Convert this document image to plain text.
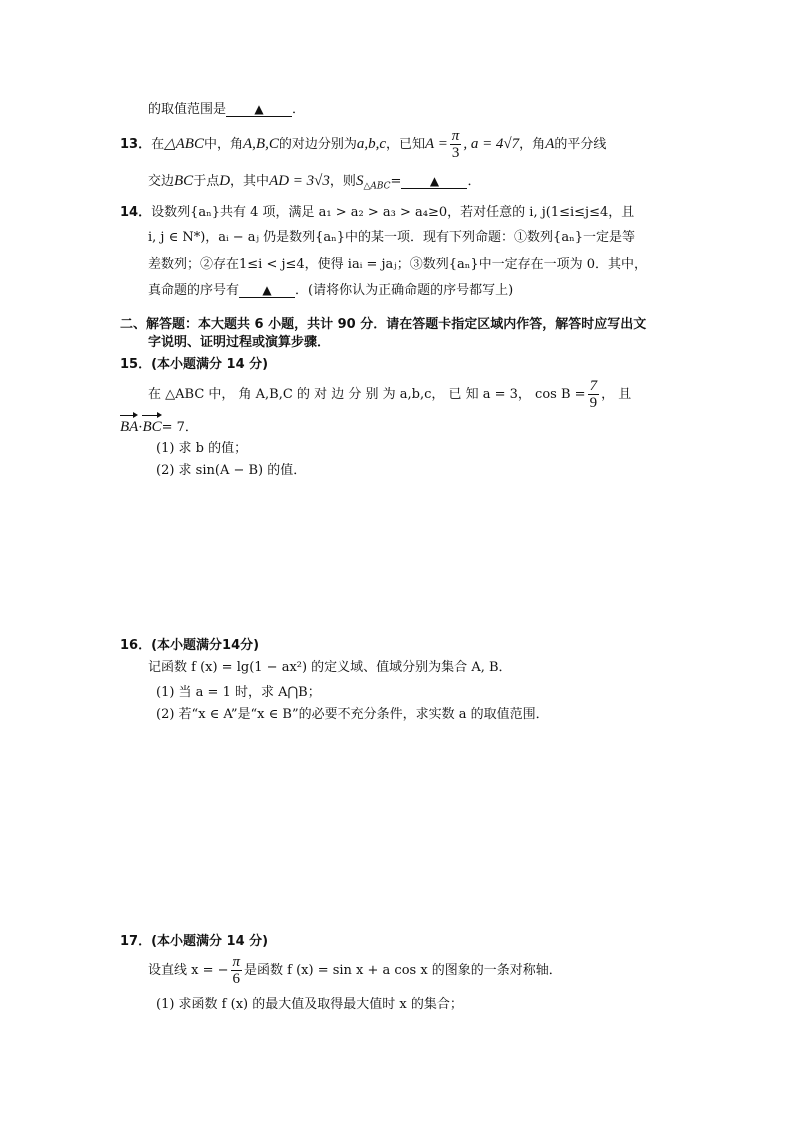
的取值范围是 ▲ ．
13．在△ABC中，角A,B,C的对边分别为a,b,c，已知$A = \frac{\pi}{3}$ , a = 4√7，角A的平分线
交边BC于点D，其中AD = 3√3，则$S_{\triangle ABC}=$ ▲ ．
14．设数列{aₙ}共有 4 项，满足 a₁ > a₂ > a₃ > a₄≥0，若对任意的 i, j(1≤i≤j≤4，且
i, j ∈ N*)，aᵢ − aⱼ 仍是数列{aₙ}中的某一项．现有下列命题：①数列{aₙ}一定是等
差数列；②存在1≤i < j≤4，使得 iaᵢ = jaⱼ；③数列{aₙ}中一定存在一项为 0．其中，
真命题的序号有 ▲ ．(请将你认为正确命题的序号都写上)
二、解答题：本大题共 6 小题，共计 90 分．请在答题卡指定区域内作答，解答时应写出文
字说明、证明过程或演算步骤．
15．(本小题满分 14 分)
在 △ABC 中， 角 A,B,C 的 对 边 分 别 为 a,b,c， 已 知 a = 3， $\cos B = \frac{7}{9}$ ， 且
BA·BC= 7．
(1) 求 b 的值；
(2) 求 sin(A − B) 的值．
16．(本小题满分14分)
记函数 f (x) = lg(1 − ax²) 的定义域、值域分别为集合 A, B．
(1) 当 a = 1 时，求 A⋂B；
(2) 若“x ∈ A”是“x ∈ B”的必要不充分条件，求实数 a 的取值范围．
17．(本小题满分 14 分)
设直线 x = − $\frac{\pi}{6}$ 是函数 f (x) = sin x + a cos x 的图象的一条对称轴．
(1) 求函数 f (x) 的最大值及取得最大值时 x 的集合；
